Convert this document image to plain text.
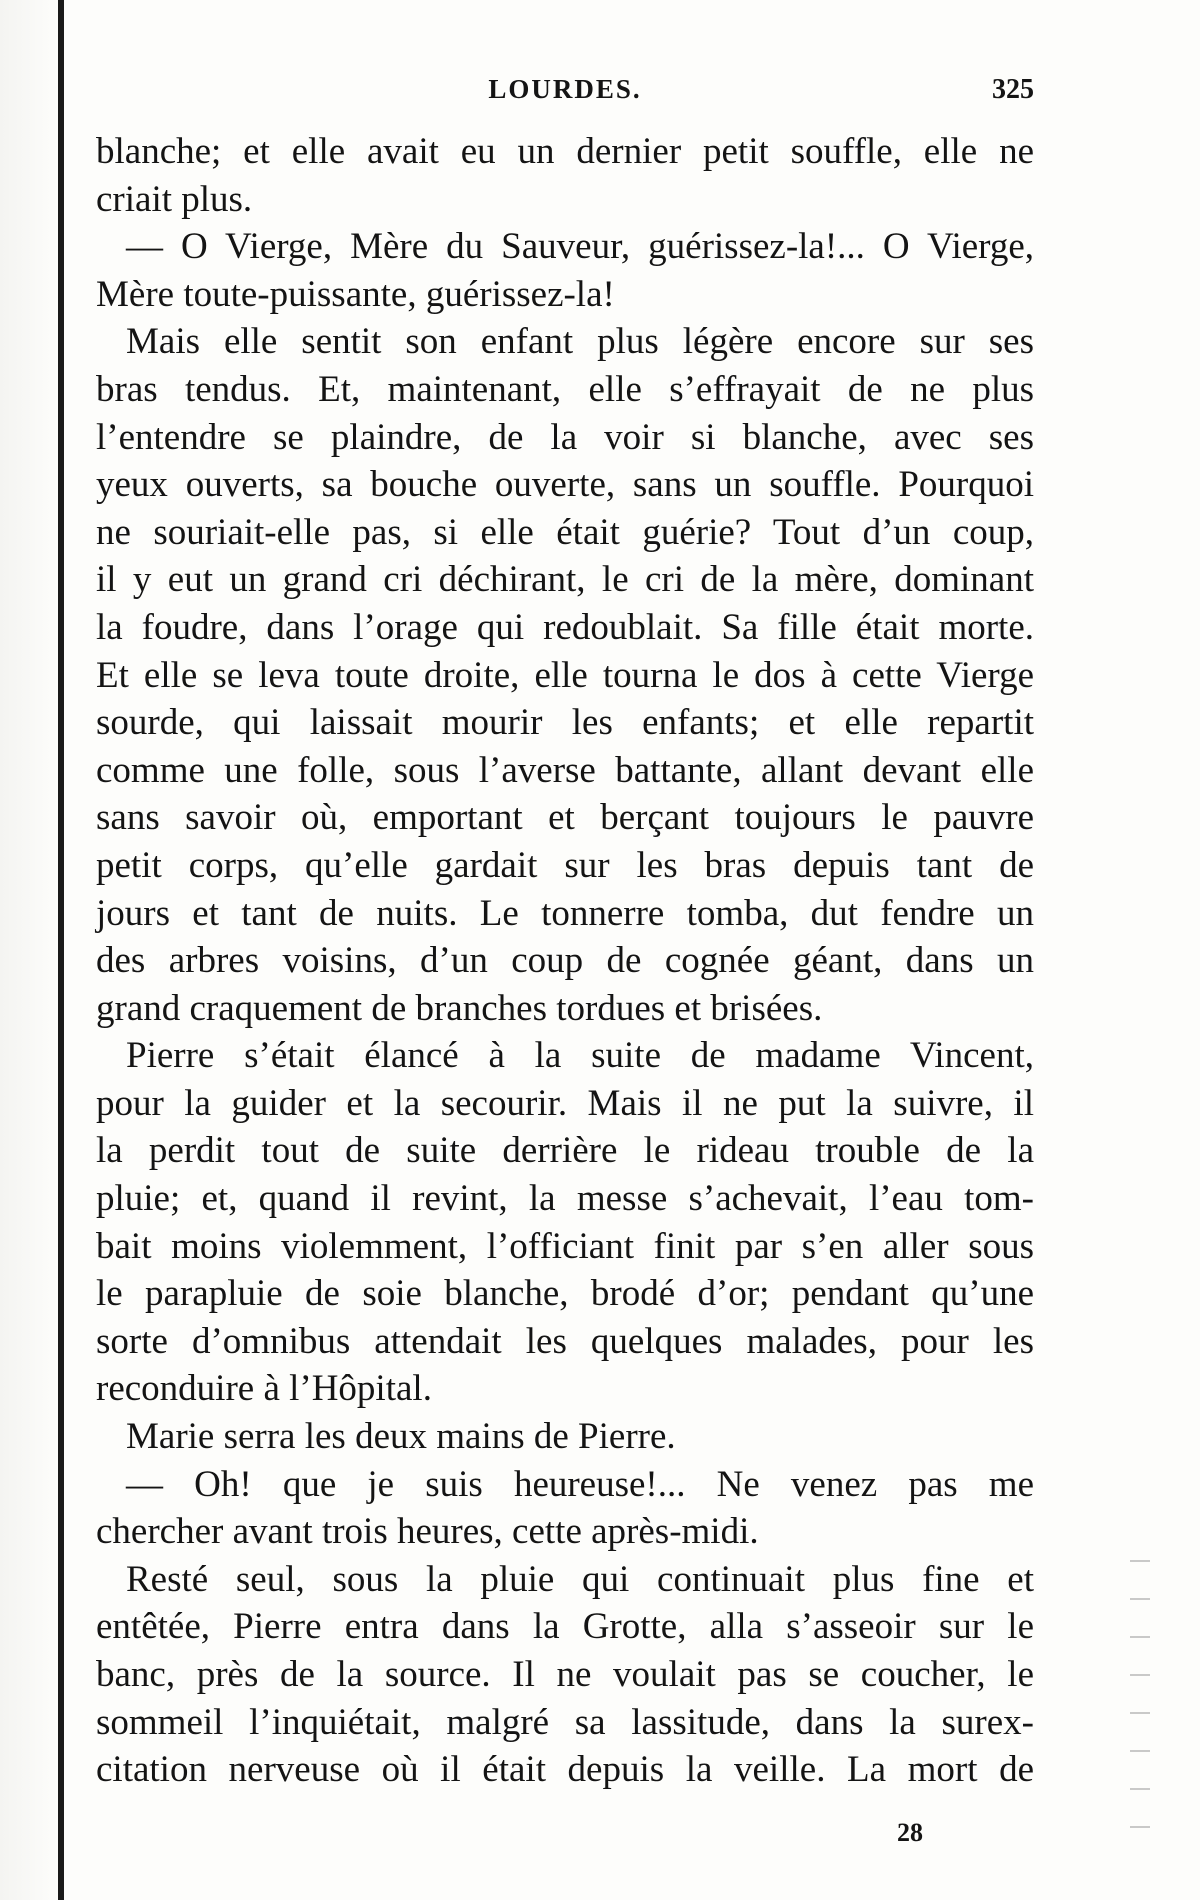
LOURDES.	325
blanche; et elle avait eu un dernier petit souffle, elle ne
criait plus.
— O Vierge, Mère du Sauveur, guérissez-la!... O Vierge,
Mère toute-puissante, guérissez-la!
Mais elle sentit son enfant plus légère encore sur ses
bras tendus. Et, maintenant, elle s’effrayait de ne plus
l’entendre se plaindre, de la voir si blanche, avec ses
yeux ouverts, sa bouche ouverte, sans un souffle. Pourquoi
ne souriait-elle pas, si elle était guérie? Tout d’un coup,
il y eut un grand cri déchirant, le cri de la mère, dominant
la foudre, dans l’orage qui redoublait. Sa fille était morte.
Et elle se leva toute droite, elle tourna le dos à cette Vierge
sourde, qui laissait mourir les enfants; et elle repartit
comme une folle, sous l’averse battante, allant devant elle
sans savoir où, emportant et berçant toujours le pauvre
petit corps, qu’elle gardait sur les bras depuis tant de
jours et tant de nuits. Le tonnerre tomba, dut fendre un
des arbres voisins, d’un coup de cognée géant, dans un
grand craquement de branches tordues et brisées.
Pierre s’était élancé à la suite de madame Vincent,
pour la guider et la secourir. Mais il ne put la suivre, il
la perdit tout de suite derrière le rideau trouble de la
pluie; et, quand il revint, la messe s’achevait, l’eau tom-
bait moins violemment, l’officiant finit par s’en aller sous
le parapluie de soie blanche, brodé d’or; pendant qu’une
sorte d’omnibus attendait les quelques malades, pour les
reconduire à l’Hôpital.
Marie serra les deux mains de Pierre.
— Oh! que je suis heureuse!... Ne venez pas me
chercher avant trois heures, cette après-midi.
Resté seul, sous la pluie qui continuait plus fine et
entêtée, Pierre entra dans la Grotte, alla s’asseoir sur le
banc, près de la source. Il ne voulait pas se coucher, le
sommeil l’inquiétait, malgré sa lassitude, dans la surex-
citation nerveuse où il était depuis la veille. La mort de
28
